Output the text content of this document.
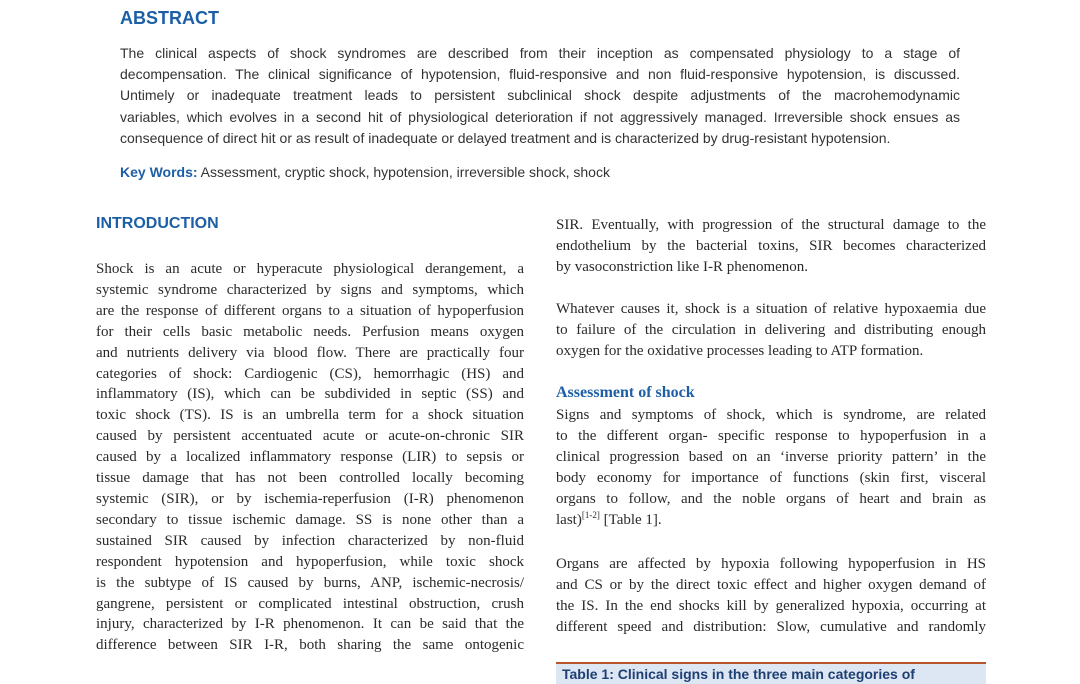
ABSTRACT
The clinical aspects of shock syndromes are described from their inception as compensated physiology to a stage of
decompensation. The clinical significance of hypotension, fluid-responsive and non fluid-responsive hypotension, is discussed.
Untimely or inadequate treatment leads to persistent subclinical shock despite adjustments of the macrohemodynamic
variables, which evolves in a second hit of physiological deterioration if not aggressively managed. Irreversible shock ensues as
consequence of direct hit or as result of inadequate or delayed treatment and is characterized by drug-resistant hypotension.
Key Words: Assessment, cryptic shock, hypotension, irreversible shock, shock
INTRODUCTION
Shock is an acute or hyperacute physiological derangement, a
systemic syndrome characterized by signs and symptoms, which
are the response of different organs to a situation of hypoperfusion
for their cells basic metabolic needs. Perfusion means oxygen
and nutrients delivery via blood flow. There are practically four
categories of shock: Cardiogenic (CS), hemorrhagic (HS) and
inflammatory (IS), which can be subdivided in septic (SS) and
toxic shock (TS). IS is an umbrella term for a shock situation
caused by persistent accentuated acute or acute-on-chronic SIR
caused by a localized inflammatory response (LIR) to sepsis or
tissue damage that has not been controlled locally becoming
systemic (SIR), or by ischemia-reperfusion (I-R) phenomenon
secondary to tissue ischemic damage. SS is none other than a
sustained SIR caused by infection characterized by non-fluid
respondent hypotension and hypoperfusion, while toxic shock
is the subtype of IS caused by burns, ANP, ischemic-necrosis/
gangrene, persistent or complicated intestinal obstruction, crush
injury, characterized by I-R phenomenon. It can be said that the
difference between SIR I-R, both sharing the same ontogenic
SIR. Eventually, with progression of the structural damage to the
endothelium by the bacterial toxins, SIR becomes characterized
by vasoconstriction like I-R phenomenon.
Whatever causes it, shock is a situation of relative hypoxaemia due
to failure of the circulation in delivering and distributing enough
oxygen for the oxidative processes leading to ATP formation.
Assessment of shock
Signs and symptoms of shock, which is syndrome, are related
to the different organ- specific response to hypoperfusion in a
clinical progression based on an ‘inverse priority pattern’ in the
body economy for importance of functions (skin first, visceral
organs to follow, and the noble organs of heart and brain as
last)[1-2] [Table 1].
Organs are affected by hypoxia following hypoperfusion in HS
and CS or by the direct toxic effect and higher oxygen demand of
the IS. In the end shocks kill by generalized hypoxia, occurring at
different speed and distribution: Slow, cumulative and randomly
Table 1: Clinical signs in the three main categories of
